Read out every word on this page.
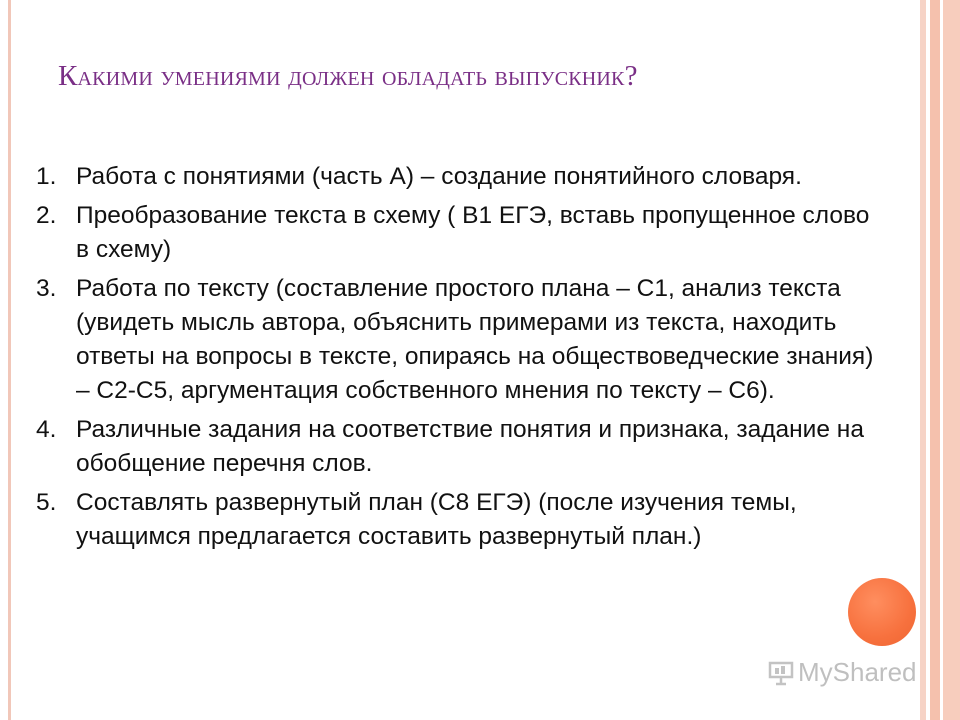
Какими умениями должен обладать выпускник?
1. Работа с понятиями (часть А) – создание понятийного словаря.
2. Преобразование текста в схему ( В1 ЕГЭ, вставь пропущенное слово в схему)
3. Работа по тексту (составление простого плана – С1, анализ текста (увидеть мысль автора, объяснить примерами из текста, находить ответы на вопросы в тексте, опираясь на обществоведческие знания) – С2-С5, аргументация собственного мнения по тексту – С6).
4. Различные задания на соответствие понятия и признака, задание на обобщение перечня слов.
5. Составлять развернутый план (С8 ЕГЭ) (после изучения темы, учащимся предлагается составить развернутый план.)
MyShared
